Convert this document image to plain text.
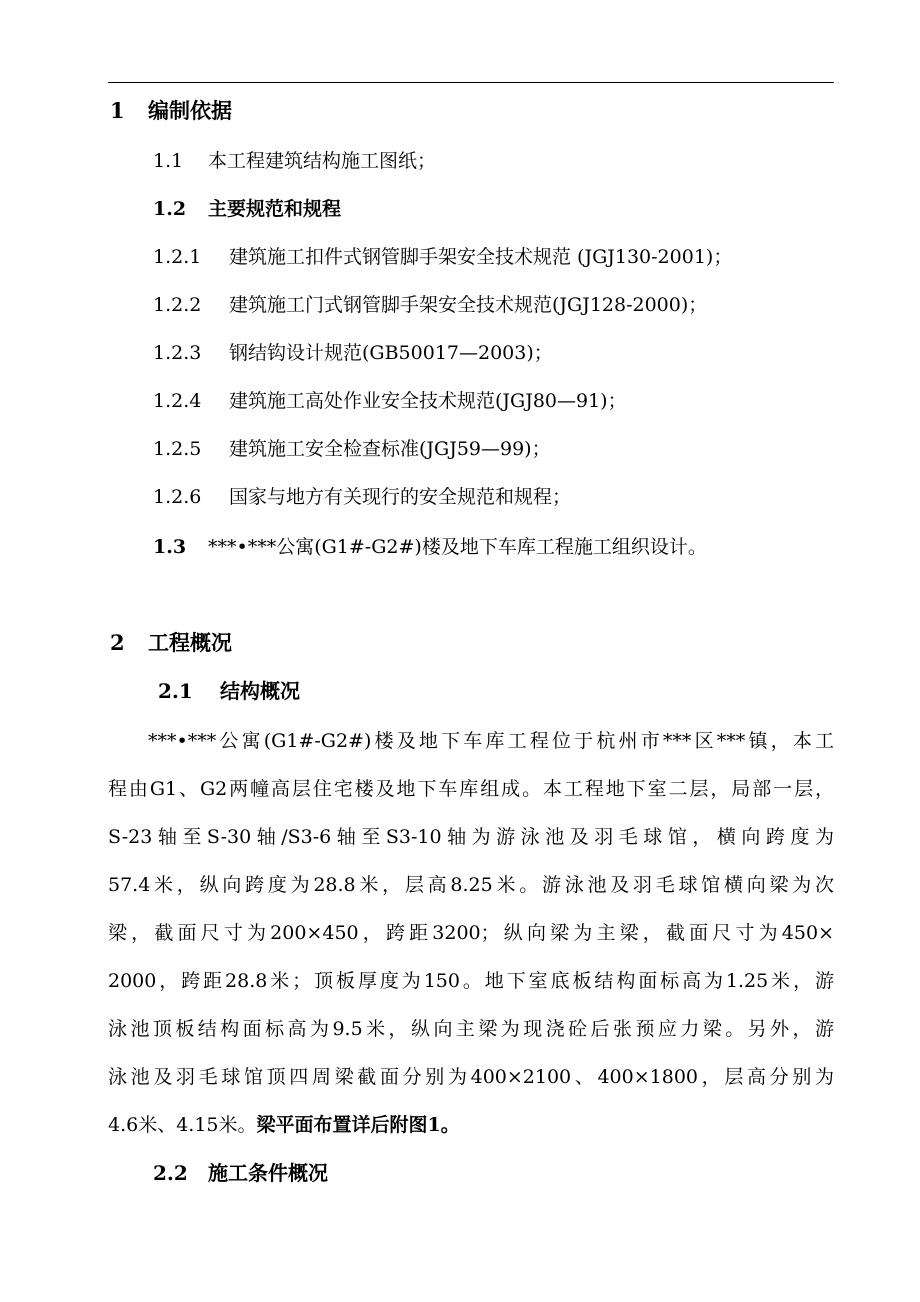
1 编制依据
1.1 本工程建筑结构施工图纸；
1.2 主要规范和规程
1.2.1 建筑施工扣件式钢管脚手架安全技术规范 (JGJ130-2001)；
1.2.2 建筑施工门式钢管脚手架安全技术规范(JGJ128-2000)；
1.2.3 钢结钩设计规范(GB50017—2003)；
1.2.4 建筑施工高处作业安全技术规范(JGJ80—91)；
1.2.5 建筑施工安全检查标准(JGJ59—99)；
1.2.6 国家与地方有关现行的安全规范和规程；
1.3 ***•***公寓(G1#-G2#)楼及地下车库工程施工组织设计。
2 工程概况
2.1 结构概况
***•***公寓(G1#-G2#)楼及地下车库工程位于杭州市***区***镇，本工
程由G1、G2两幢高层住宅楼及地下车库组成。本工程地下室二层，局部一层，
S-23轴至S-30轴/S3-6轴至S3-10轴为游泳池及羽毛球馆，横向跨度为
57.4米，纵向跨度为28.8米，层高8.25米。游泳池及羽毛球馆横向梁为次
梁，截面尺寸为200×450，跨距3200；纵向梁为主梁，截面尺寸为450×
2000，跨距28.8米；顶板厚度为150。地下室底板结构面标高为1.25米，游
泳池顶板结构面标高为9.5米，纵向主梁为现浇砼后张预应力梁。另外，游
泳池及羽毛球馆顶四周梁截面分别为400×2100、400×1800，层高分别为
4.6米、4.15米。梁平面布置详后附图1。
2.2 施工条件概况
